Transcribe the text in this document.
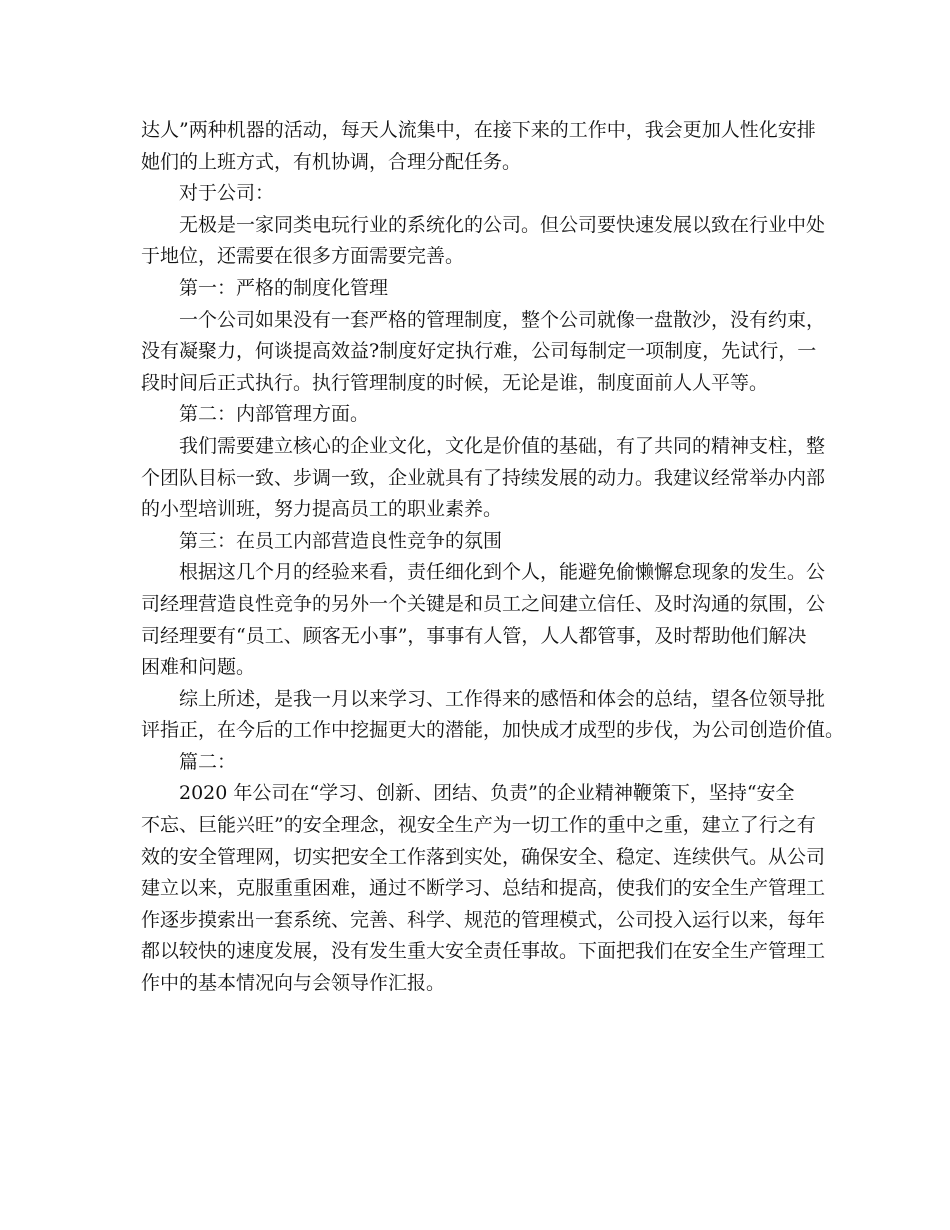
达人”两种机器的活动，每天人流集中，在接下来的工作中，我会更加人性化安排
她们的上班方式，有机协调，合理分配任务。
对于公司：
无极是一家同类电玩行业的系统化的公司。但公司要快速发展以致在行业中处
于地位，还需要在很多方面需要完善。
第一：严格的制度化管理
一个公司如果没有一套严格的管理制度，整个公司就像一盘散沙，没有约束，
没有凝聚力，何谈提高效益?制度好定执行难，公司每制定一项制度，先试行，一
段时间后正式执行。执行管理制度的时候，无论是谁，制度面前人人平等。
第二：内部管理方面。
我们需要建立核心的企业文化，文化是价值的基础，有了共同的精神支柱，整
个团队目标一致、步调一致，企业就具有了持续发展的动力。我建议经常举办内部
的小型培训班，努力提高员工的职业素养。
第三：在员工内部营造良性竞争的氛围
根据这几个月的经验来看，责任细化到个人，能避免偷懒懈怠现象的发生。公
司经理营造良性竞争的另外一个关键是和员工之间建立信任、及时沟通的氛围，公
司经理要有“员工、顾客无小事”，事事有人管，人人都管事，及时帮助他们解决
困难和问题。
综上所述，是我一月以来学习、工作得来的感悟和体会的总结，望各位领导批
评指正，在今后的工作中挖掘更大的潜能，加快成才成型的步伐，为公司创造价值。
篇二：
2020 年公司在“学习、创新、团结、负责”的企业精神鞭策下，坚持“安全
不忘、巨能兴旺”的安全理念，视安全生产为一切工作的重中之重，建立了行之有
效的安全管理网，切实把安全工作落到实处，确保安全、稳定、连续供气。从公司
建立以来，克服重重困难，通过不断学习、总结和提高，使我们的安全生产管理工
作逐步摸索出一套系统、完善、科学、规范的管理模式，公司投入运行以来，每年
都以较快的速度发展，没有发生重大安全责任事故。下面把我们在安全生产管理工
作中的基本情况向与会领导作汇报。
